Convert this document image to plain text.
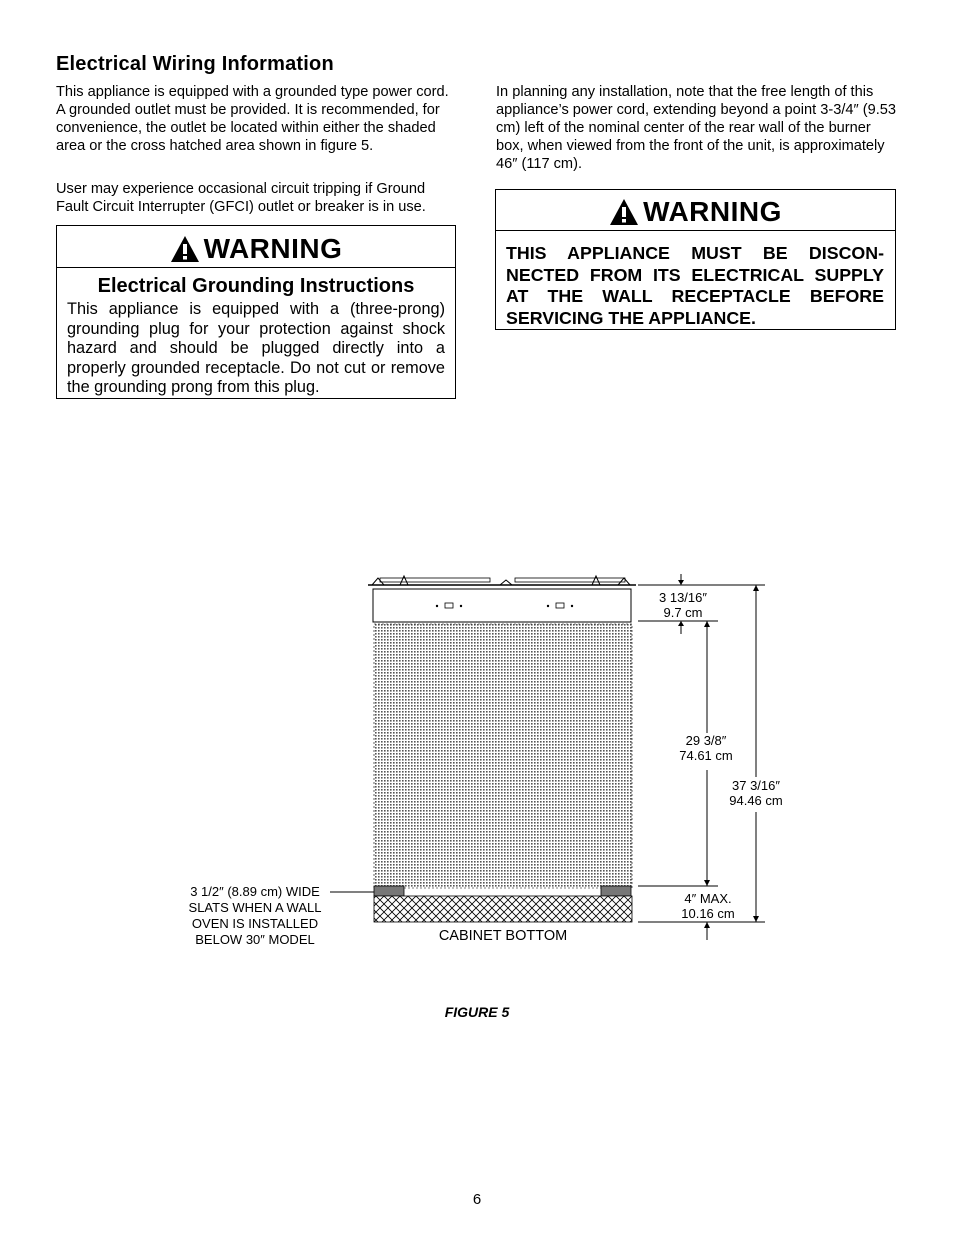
Electrical Wiring Information

This appliance is equipped with a grounded type power cord. A grounded outlet must be provided. It is recommended, for convenience, the outlet be located within either the shaded area or the cross hatched area shown in figure 5.

User may experience occasional circuit tripping if Ground Fault Circuit Interrupter (GFCI) outlet or breaker is in use.

WARNING

Electrical Grounding Instructions

This appliance is equipped with a (three-prong) grounding plug for your protection against shock hazard and should be plugged directly into a properly grounded receptacle. Do not cut or remove the grounding prong from this plug.

In planning any installation, note that the free length of this appliance’s power cord, extending beyond a point 3-3/4″ (9.53 cm) left of the nominal center of the rear wall of the burner box, when viewed from the front of the unit, is approximately 46″ (117 cm).

WARNING

THIS APPLIANCE MUST BE DISCON-NECTED FROM ITS ELECTRICAL SUPPLY AT THE WALL RECEPTACLE BEFORE SERVICING THE APPLIANCE.

3 13/16″
9.7 cm
29 3/8″
74.61 cm
37 3/16″
94.46 cm
4″ MAX.
10.16 cm
3 1/2″ (8.89 cm) WIDE
SLATS WHEN A WALL
OVEN IS INSTALLED
BELOW 30″ MODEL	CABINET BOTTOM
FIGURE 5
6
